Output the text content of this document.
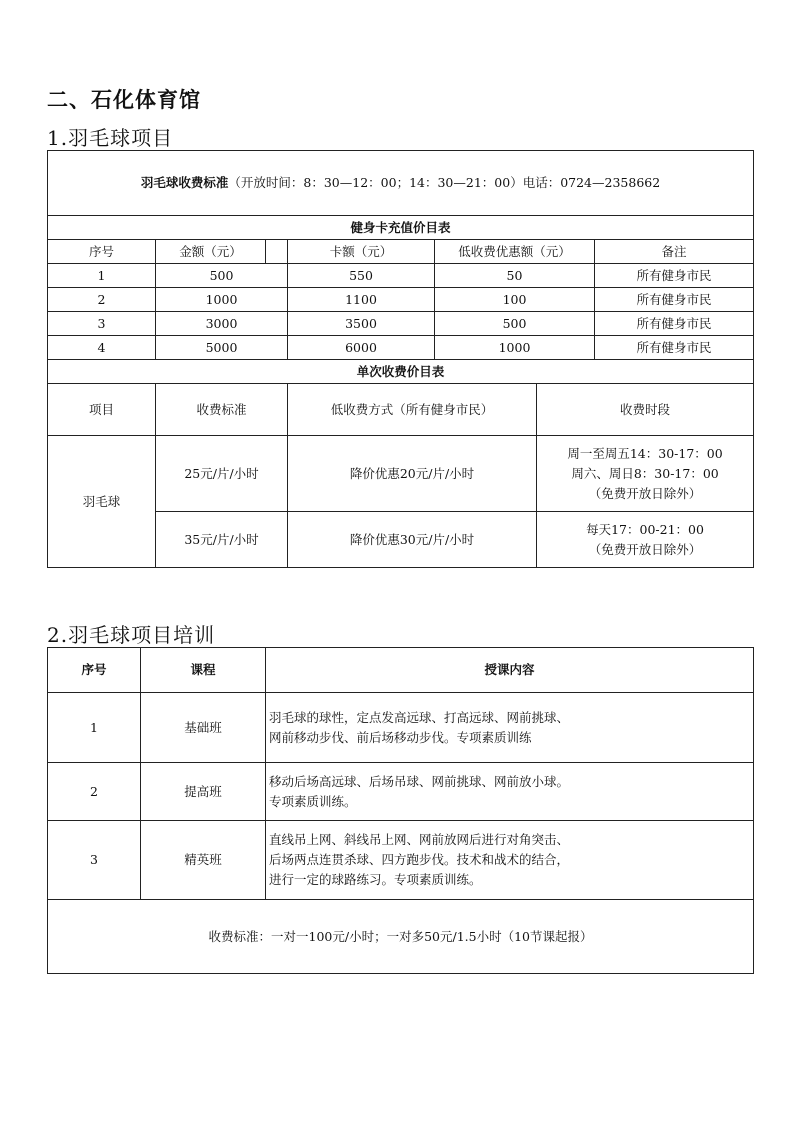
二、石化体育馆
1.羽毛球项目
羽毛球收费标准（开放时间：8：30—12：00；14：30—21：00）电话：0724—2358662						
健身卡充值价目表						
序号	金额（元）		卡额（元）	低收费优惠额（元）		备注
1	500		550	50		所有健身市民
2	1000		1100	100		所有健身市民
3	3000		3500	500		所有健身市民
4	5000		6000	1000		所有健身市民
单次收费价目表						
项目	收费标准		低收费方式（所有健身市民）		收费时段	
羽毛球	25元/片/小时		降价优惠20元/片/小时		周一至周五14：30-17：00
周六、周日8：30-17：00
（免费开放日除外）	

	35元/片/小时		降价优惠30元/片/小时		每天17：00-21：00
（免费开放日除外）	
2.羽毛球项目培训
序号	课程	授课内容
1	基础班	羽毛球的球性，定点发高远球、打高远球、网前挑球、
网前移动步伐、前后场移动步伐。专项素质训练

2	提高班	移动后场高远球、后场吊球、网前挑球、网前放小球。
专项素质训练。

3	精英班	直线吊上网、斜线吊上网、网前放网后进行对角突击、
后场两点连贯杀球、四方跑步伐。技术和战术的结合，
进行一定的球路练习。专项素质训练。

收费标准：一对一100元/小时；一对多50元/1.5小时（10节课起报）		
